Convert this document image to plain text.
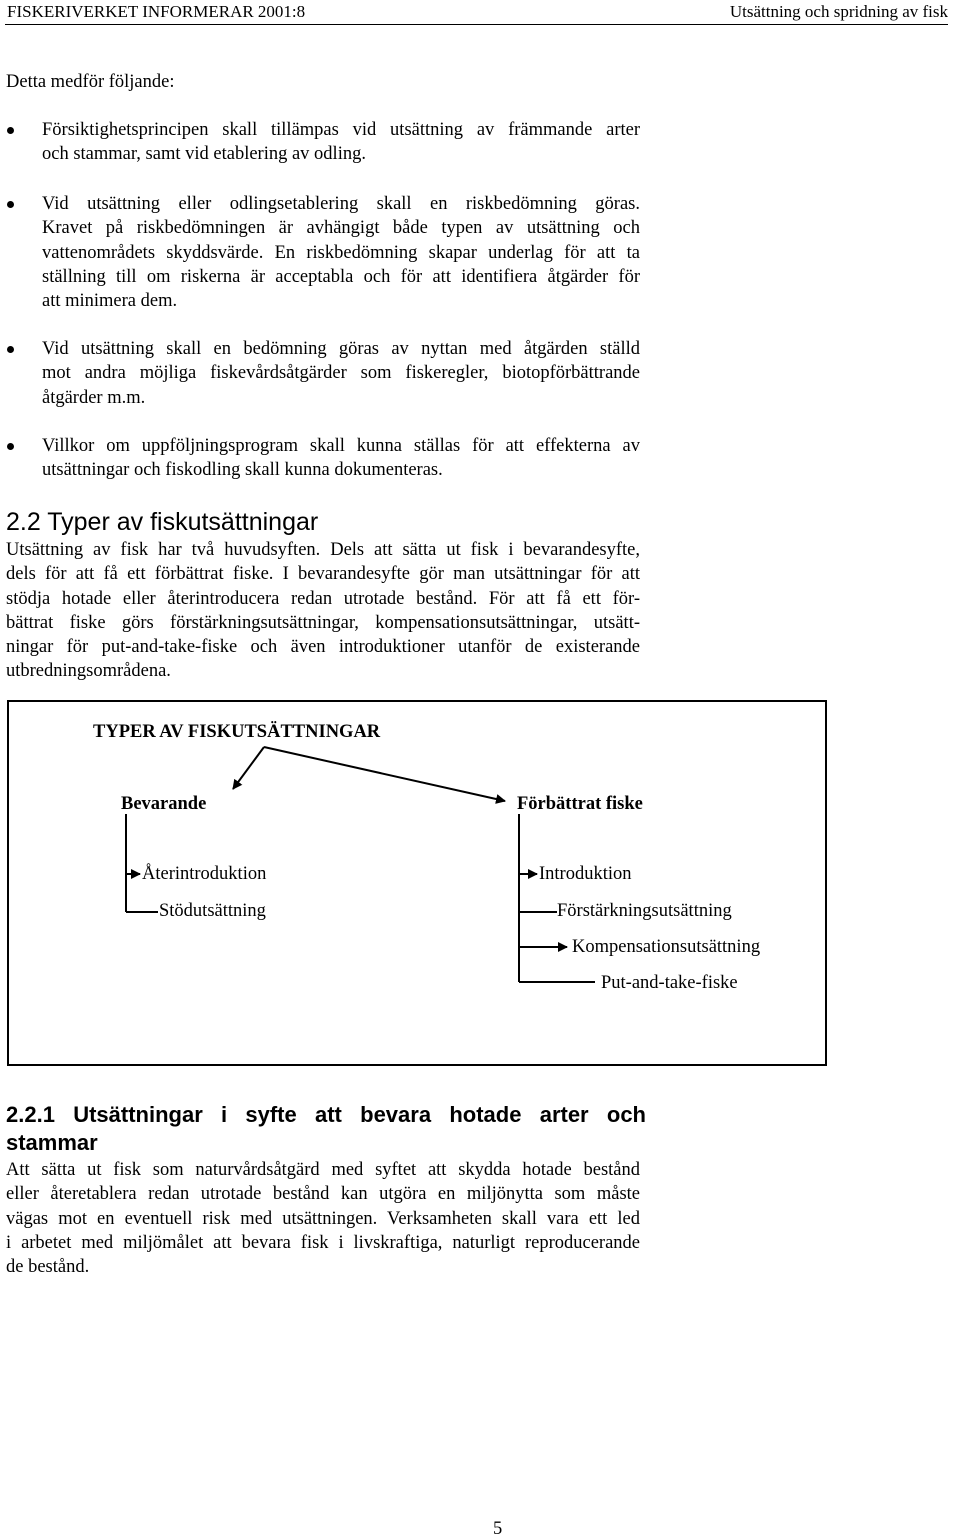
FISKERIVERKET INFORMERAR 2001:8	Utsättning och spridning av fisk
Detta medför följande:
Försiktighetsprincipen skall tillämpas vid utsättning av främmande arter
och stammar, samt vid etablering av odling.
Vid utsättning eller odlingsetablering skall en riskbedömning göras.
Kravet på riskbedömningen är avhängigt både typen av utsättning och
vattenområdets skyddsvärde. En riskbedömning skapar underlag för att ta
ställning till om riskerna är acceptabla och för att identifiera åtgärder för
att minimera dem.
Vid utsättning skall en bedömning göras av nyttan med åtgärden ställd
mot andra möjliga fiskevårdsåtgärder som fiskeregler, biotopförbättrande
åtgärder m.m.
Villkor om uppföljningsprogram skall kunna ställas för att effekterna av
utsättningar och fiskodling skall kunna dokumenteras.
2.2 Typer av fiskutsättningar
Utsättning av fisk har två huvudsyften. Dels att sätta ut fisk i bevarandesyfte,
dels för att få ett förbättrat fiske. I bevarandesyfte gör man utsättningar för att
stödja hotade eller återintroducera redan utrotade bestånd. För att få ett för-
bättrat fiske görs förstärkningsutsättningar, kompensationsutsättningar, utsätt-
ningar för put-and-take-fiske och även introduktioner utanför de existerande
utbredningsområdena.
TYPER AV FISKUTSÄTTNINGAR
Bevarande	Förbättrat fiske
Återintroduktion
Stödutsättning
Introduktion
Förstärkningsutsättning
Kompensationsutsättning
Put-and-take-fiske
2.2.1 Utsättningar i syfte att bevara hotade arter och
stammar
Att sätta ut fisk som naturvårdsåtgärd med syftet att skydda hotade bestånd
eller återetablera redan utrotade bestånd kan utgöra en miljönytta som måste
vägas mot en eventuell risk med utsättningen. Verksamheten skall vara ett led
i arbetet med miljömålet att bevara fisk i livskraftiga, naturligt reproducerande
de bestånd.
5
